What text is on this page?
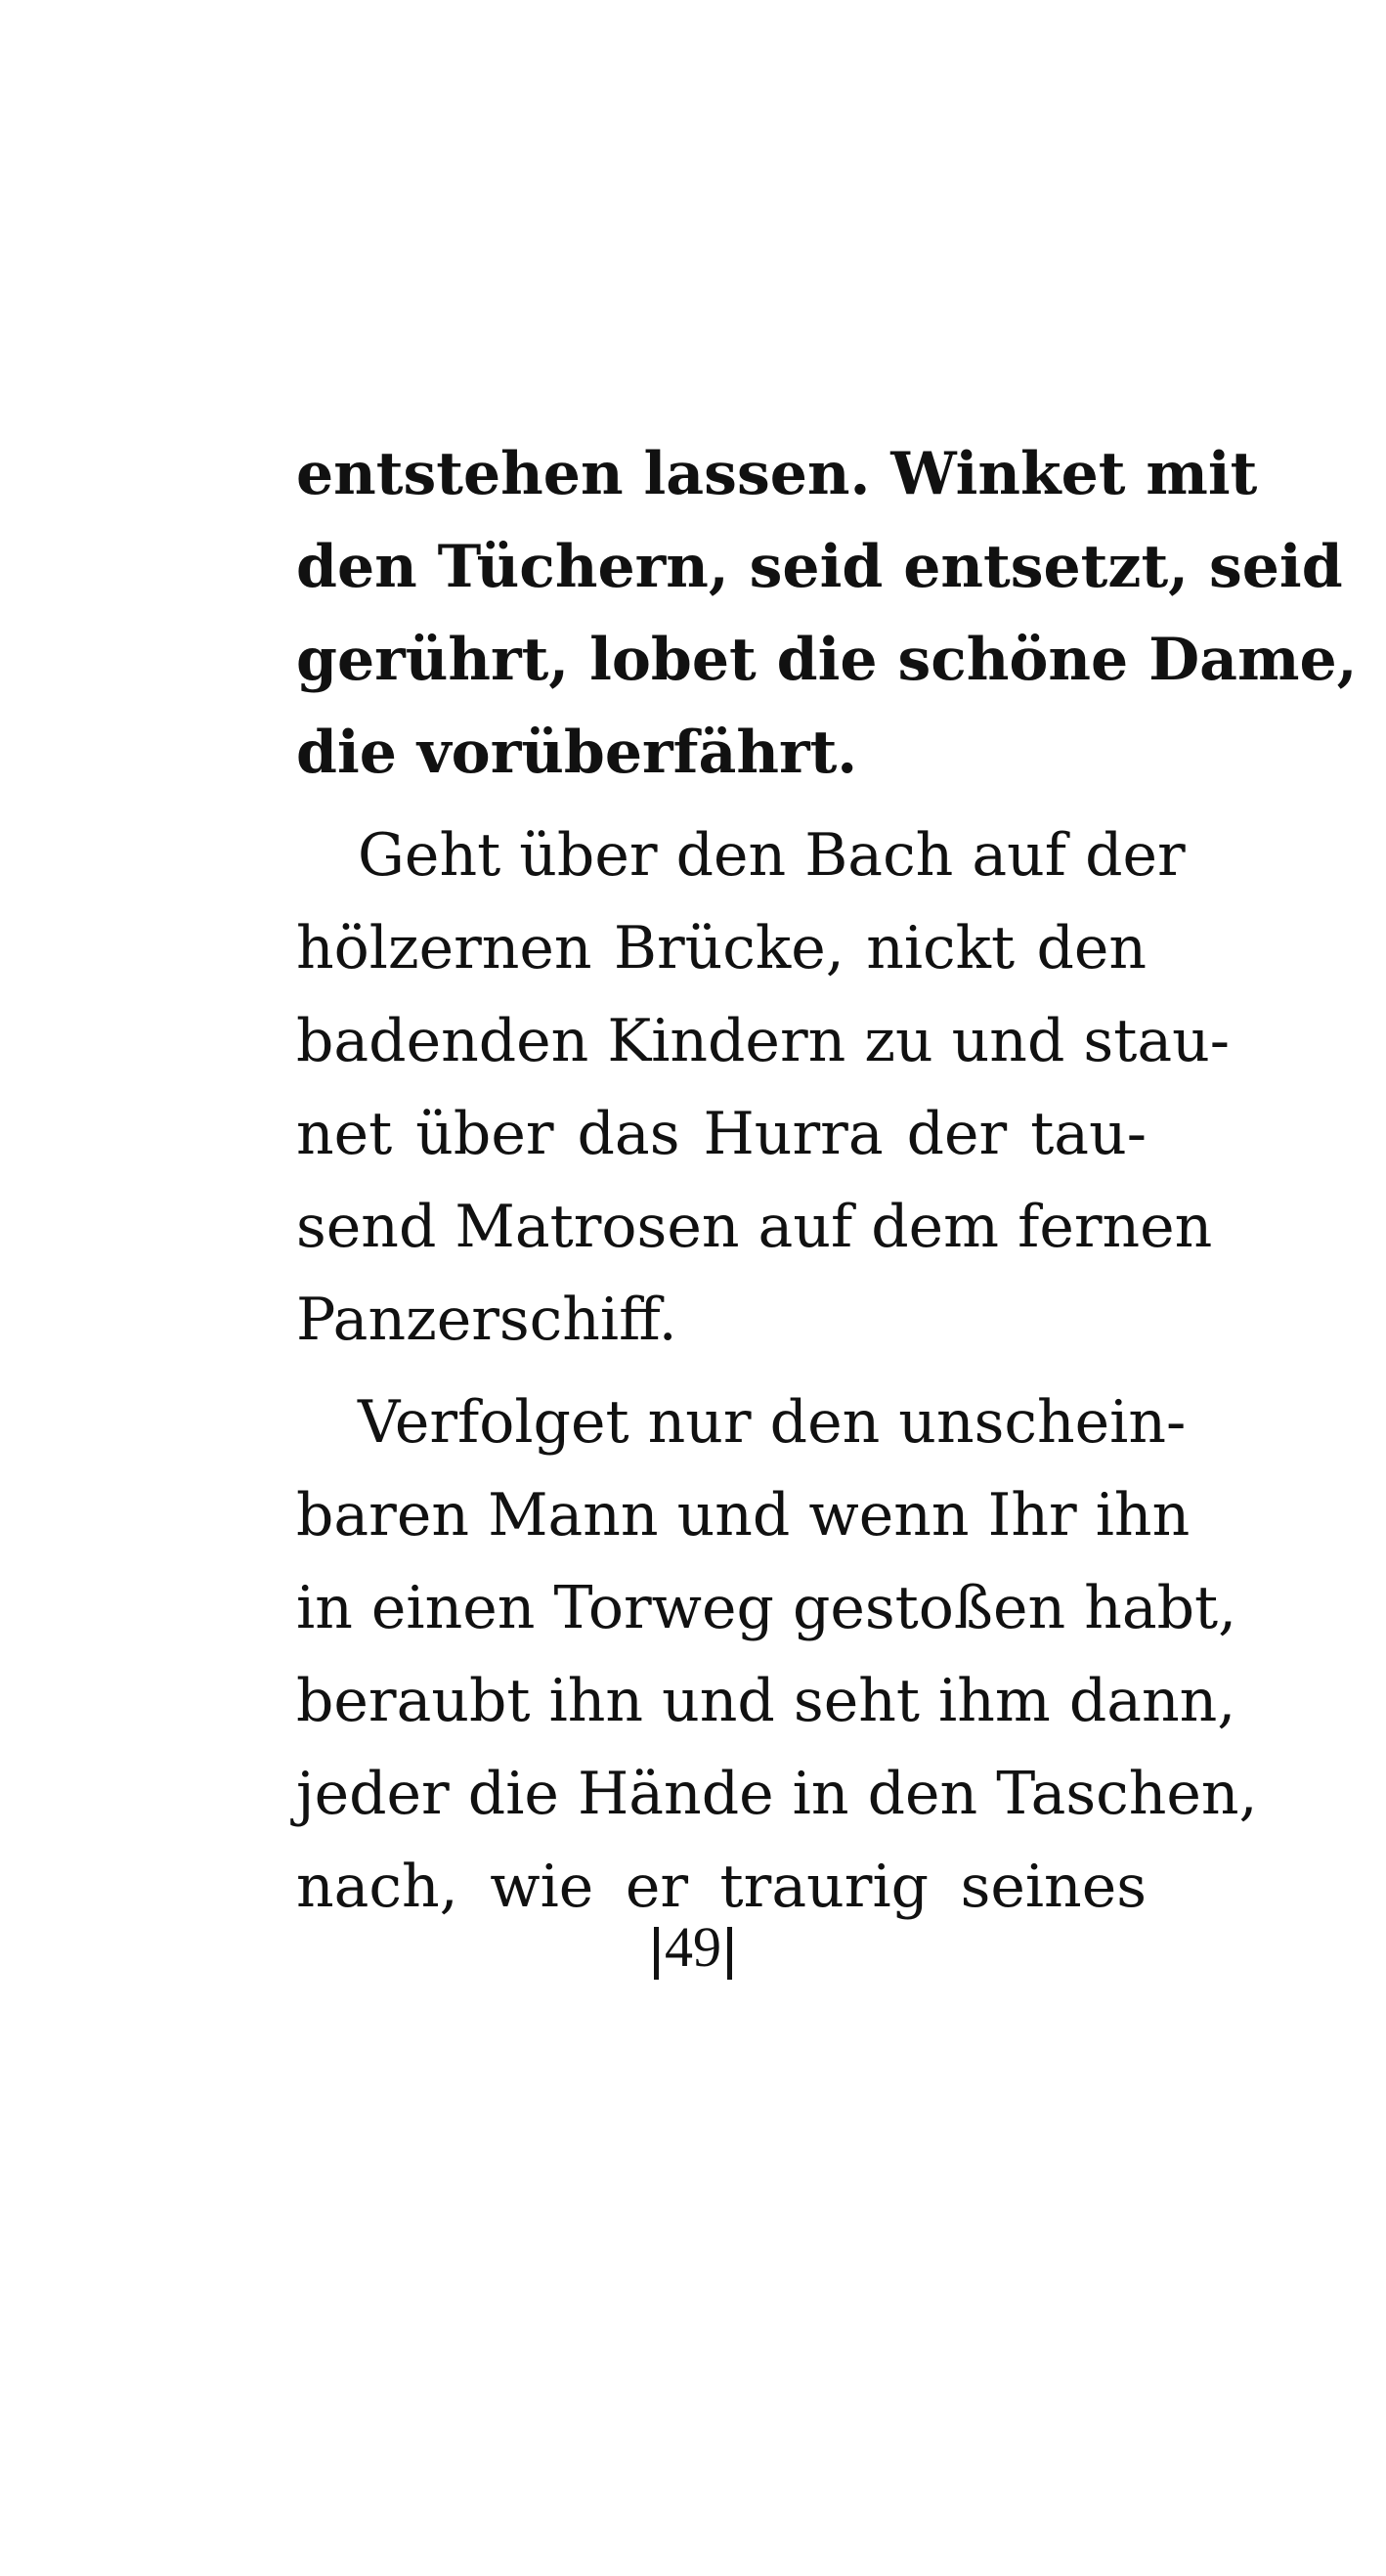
entstehen lassen. Winket mit
den Tüchern, seid entsetzt, seid
gerührt, lobet die schöne Dame,
die vorüberfährt.
Geht über den Bach auf der
hölzernen Brücke, nickt den
badenden Kindern zu und stau-
net über das Hurra der tau-
send Matrosen auf dem fernen
Panzerschiff.
Verfolget nur den unschein-
baren Mann und wenn Ihr ihn
in einen Torweg gestoßen habt,
beraubt ihn und seht ihm dann,
jeder die Hände in den Taschen,
nach, wie er traurig seines
49
